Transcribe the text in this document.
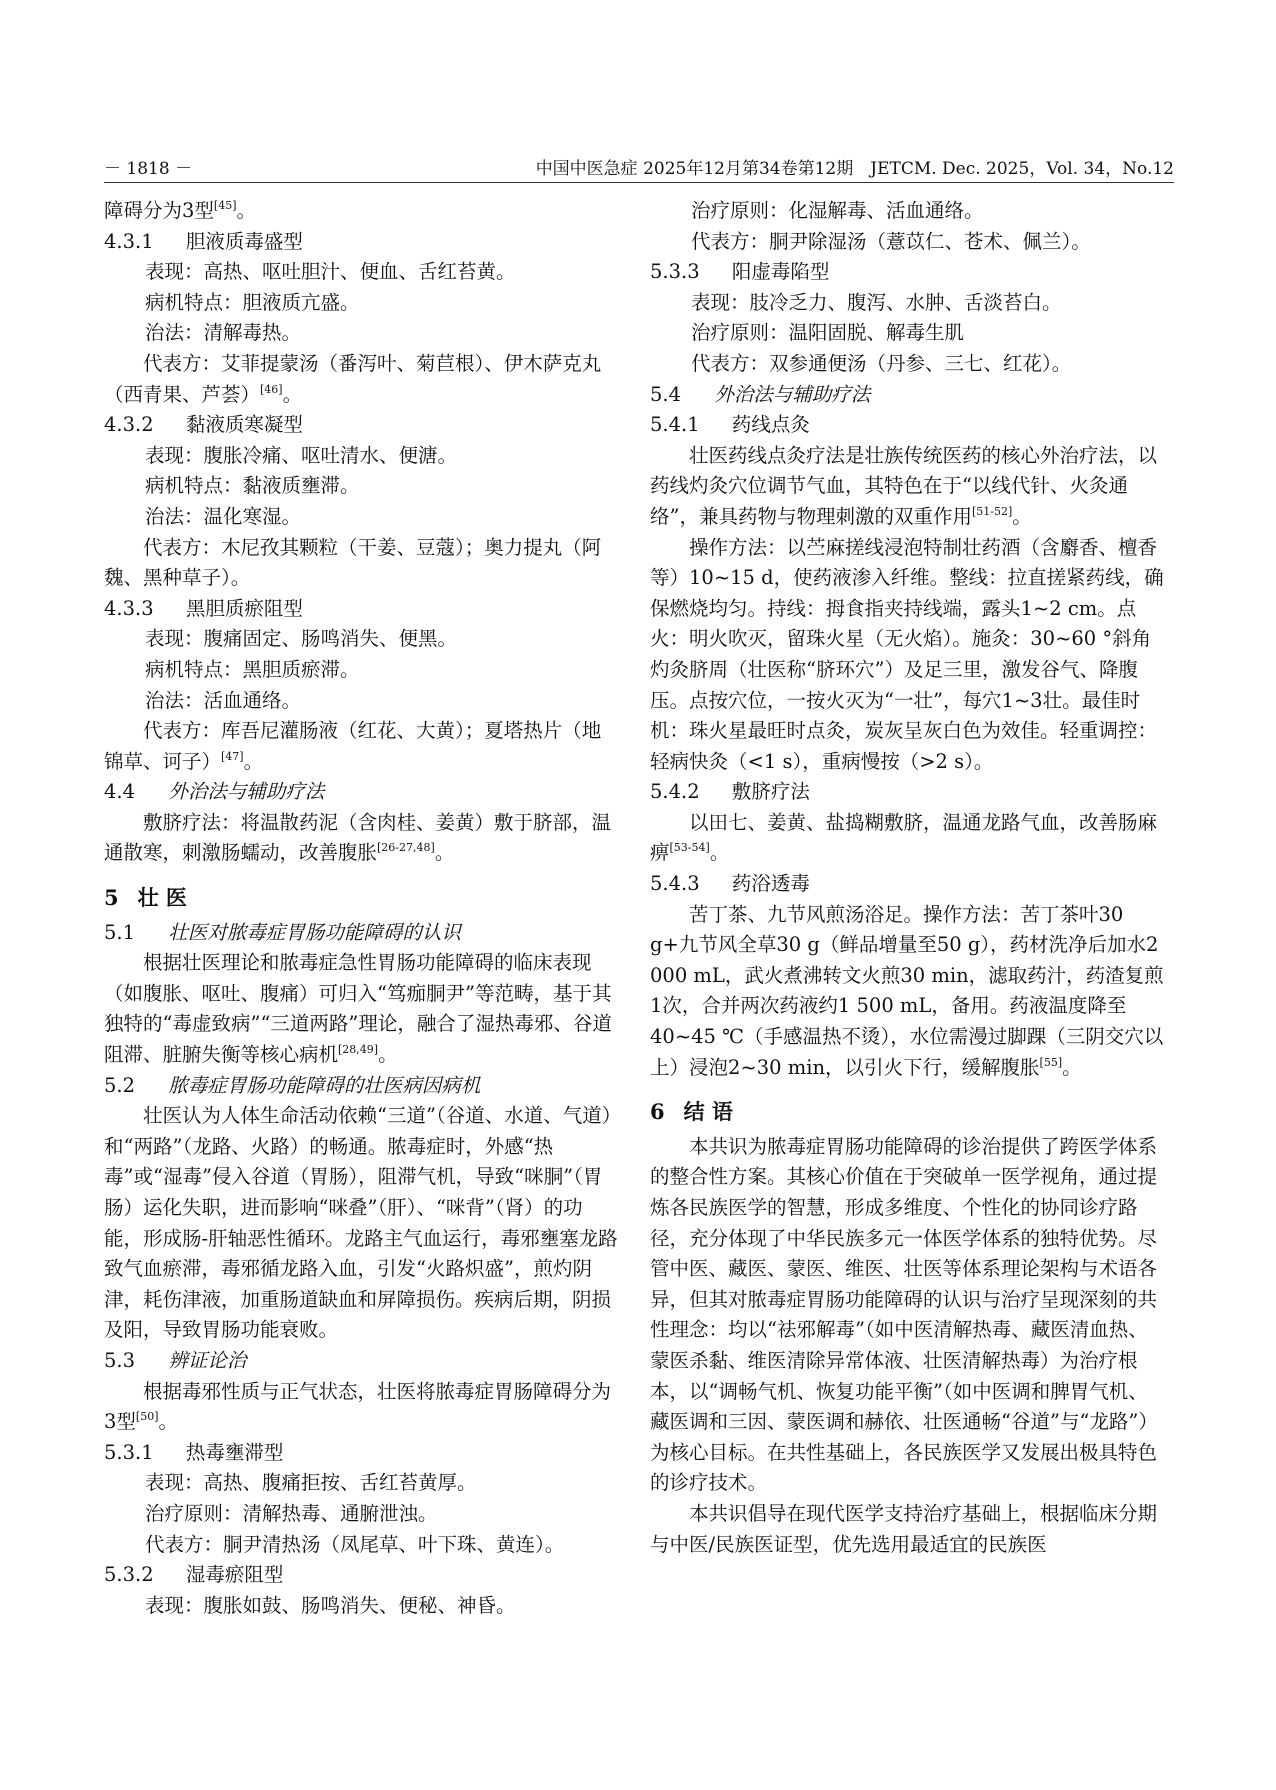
－ 1818 －	中国中医急症 2025年12月第34卷第12期　JETCM. Dec. 2025，Vol. 34，No.12

障碍分为3型[45]。

4.3.1 胆液质毒盛型

表现：高热、呕吐胆汁、便血、舌红苔黄。

病机特点：胆液质亢盛。

治法：清解毒热。

代表方：艾菲提蒙汤（番泻叶、菊苣根）、伊木萨克丸（西青果、芦荟）[46]。

4.3.2 黏液质寒凝型

表现：腹胀冷痛、呕吐清水、便溏。

病机特点：黏液质壅滞。

治法：温化寒湿。

代表方：木尼孜其颗粒（干姜、豆蔻）；奥力提丸（阿魏、黑种草子）。

4.3.3 黑胆质瘀阻型

表现：腹痛固定、肠鸣消失、便黑。

病机特点：黑胆质瘀滞。

治法：活血通络。

代表方：库吾尼灌肠液（红花、大黄）；夏塔热片（地锦草、诃子）[47]。

4.4 外治法与辅助疗法

敷脐疗法：将温散药泥（含肉桂、姜黄）敷于脐部，温通散寒，刺激肠蠕动，改善腹胀[26-27,48]。

5 壮 医

5.1 壮医对脓毒症胃肠功能障碍的认识

根据壮医理论和脓毒症急性胃肠功能障碍的临床表现（如腹胀、呕吐、腹痛）可归入“笃痂胴尹”等范畴，基于其独特的“毒虚致病”“三道两路”理论，融合了湿热毒邪、谷道阻滞、脏腑失衡等核心病机[28,49]。

5.2 脓毒症胃肠功能障碍的壮医病因病机

壮医认为人体生命活动依赖“三道”（谷道、水道、气道）和“两路”（龙路、火路）的畅通。脓毒症时，外感“热毒”或“湿毒”侵入谷道（胃肠），阻滞气机，导致“咪胴”（胃肠）运化失职，进而影响“咪叠”（肝）、“咪背”（肾）的功能，形成肠-肝轴恶性循环。龙路主气血运行，毒邪壅塞龙路致气血瘀滞，毒邪循龙路入血，引发“火路炽盛”，煎灼阴津，耗伤津液，加重肠道缺血和屏障损伤。疾病后期，阴损及阳，导致胃肠功能衰败。

5.3 辨证论治

根据毒邪性质与正气状态，壮医将脓毒症胃肠障碍分为3型[50]。

5.3.1 热毒壅滞型

表现：高热、腹痛拒按、舌红苔黄厚。

治疗原则：清解热毒、通腑泄浊。

代表方：胴尹清热汤（凤尾草、叶下珠、黄连）。

5.3.2 湿毒瘀阻型

表现：腹胀如鼓、肠鸣消失、便秘、神昏。

治疗原则：化湿解毒、活血通络。

代表方：胴尹除湿汤（薏苡仁、苍术、佩兰）。

5.3.3 阳虚毒陷型

表现：肢冷乏力、腹泻、水肿、舌淡苔白。

治疗原则：温阳固脱、解毒生肌

代表方：双参通便汤（丹参、三七、红花）。

5.4 外治法与辅助疗法

5.4.1 药线点灸

壮医药线点灸疗法是壮族传统医药的核心外治疗法，以药线灼灸穴位调节气血，其特色在于“以线代针、火灸通络”，兼具药物与物理刺激的双重作用[51-52]。

操作方法：以苎麻搓线浸泡特制壮药酒（含麝香、檀香等）10~15 d，使药液渗入纤维。整线：拉直搓紧药线，确保燃烧均匀。持线：拇食指夹持线端，露头1~2 cm。点火：明火吹灭，留珠火星（无火焰）。施灸：30~60 °斜角灼灸脐周（壮医称“脐环穴”）及足三里，激发谷气、降腹压。点按穴位，一按火灭为“一壮”，每穴1~3壮。最佳时机：珠火星最旺时点灸，炭灰呈灰白色为效佳。轻重调控：轻病快灸（<1 s），重病慢按（>2 s）。

5.4.2 敷脐疗法

以田七、姜黄、盐捣糊敷脐，温通龙路气血，改善肠麻痹[53-54]。

5.4.3 药浴透毒

苦丁茶、九节风煎汤浴足。操作方法：苦丁茶叶30 g+九节风全草30 g（鲜品增量至50 g），药材洗净后加水2 000 mL，武火煮沸转文火煎30 min，滤取药汁，药渣复煎1次，合并两次药液约1 500 mL，备用。药液温度降至40~45 ℃（手感温热不烫），水位需漫过脚踝（三阴交穴以上）浸泡2~30 min，以引火下行，缓解腹胀[55]。

6 结 语

本共识为脓毒症胃肠功能障碍的诊治提供了跨医学体系的整合性方案。其核心价值在于突破单一医学视角，通过提炼各民族医学的智慧，形成多维度、个性化的协同诊疗路径，充分体现了中华民族多元一体医学体系的独特优势。尽管中医、藏医、蒙医、维医、壮医等体系理论架构与术语各异，但其对脓毒症胃肠功能障碍的认识与治疗呈现深刻的共性理念：均以“祛邪解毒”（如中医清解热毒、藏医清血热、蒙医杀黏、维医清除异常体液、壮医清解热毒）为治疗根本，以“调畅气机、恢复功能平衡”（如中医调和脾胃气机、藏医调和三因、蒙医调和赫依、壮医通畅“谷道”与“龙路”）为核心目标。在共性基础上，各民族医学又发展出极具特色的诊疗技术。

本共识倡导在现代医学支持治疗基础上，根据临床分期与中医/民族医证型，优先选用最适宜的民族医
